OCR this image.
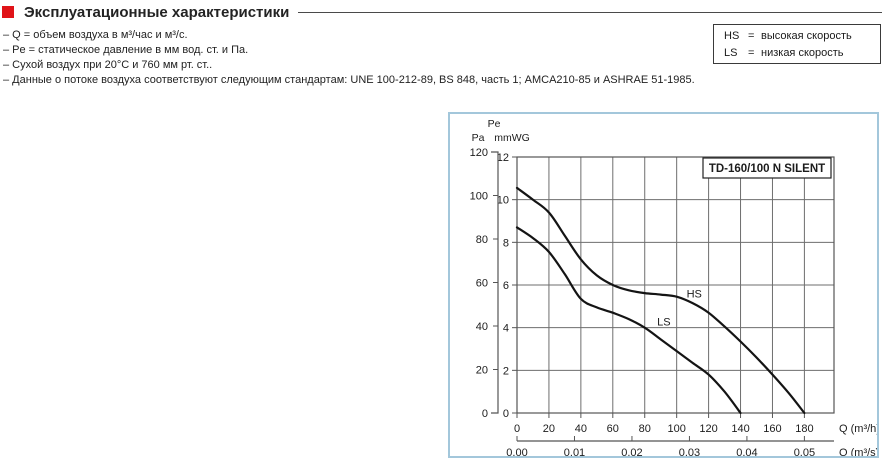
Эксплуатационные характеристики
– Q = объем воздуха в м³/час и м³/с.
– Pe = статическое давление в мм вод. ст. и Па.
– Сухой воздух при 20°C и 760 мм рт. ст..
– Данные о потоке воздуха соответствуют следующим стандартам: UNE 100-212-89, BS 848, часть 1; AMCA210-85 и ASHRAE 51-1985.
HS = высокая скорость
LS = низкая скорость
0 20 40 60 80 100 120 140 160 180 Q (m³/h)
0
2
4
6
8
10
12
0
20
40
60
80
100
120
Pe
Pa mmWG
0.00	0.01	0.02	0.03	0.04	0.05 Q (m³/s)
TD-160/100 N SILENT
HS
LS
